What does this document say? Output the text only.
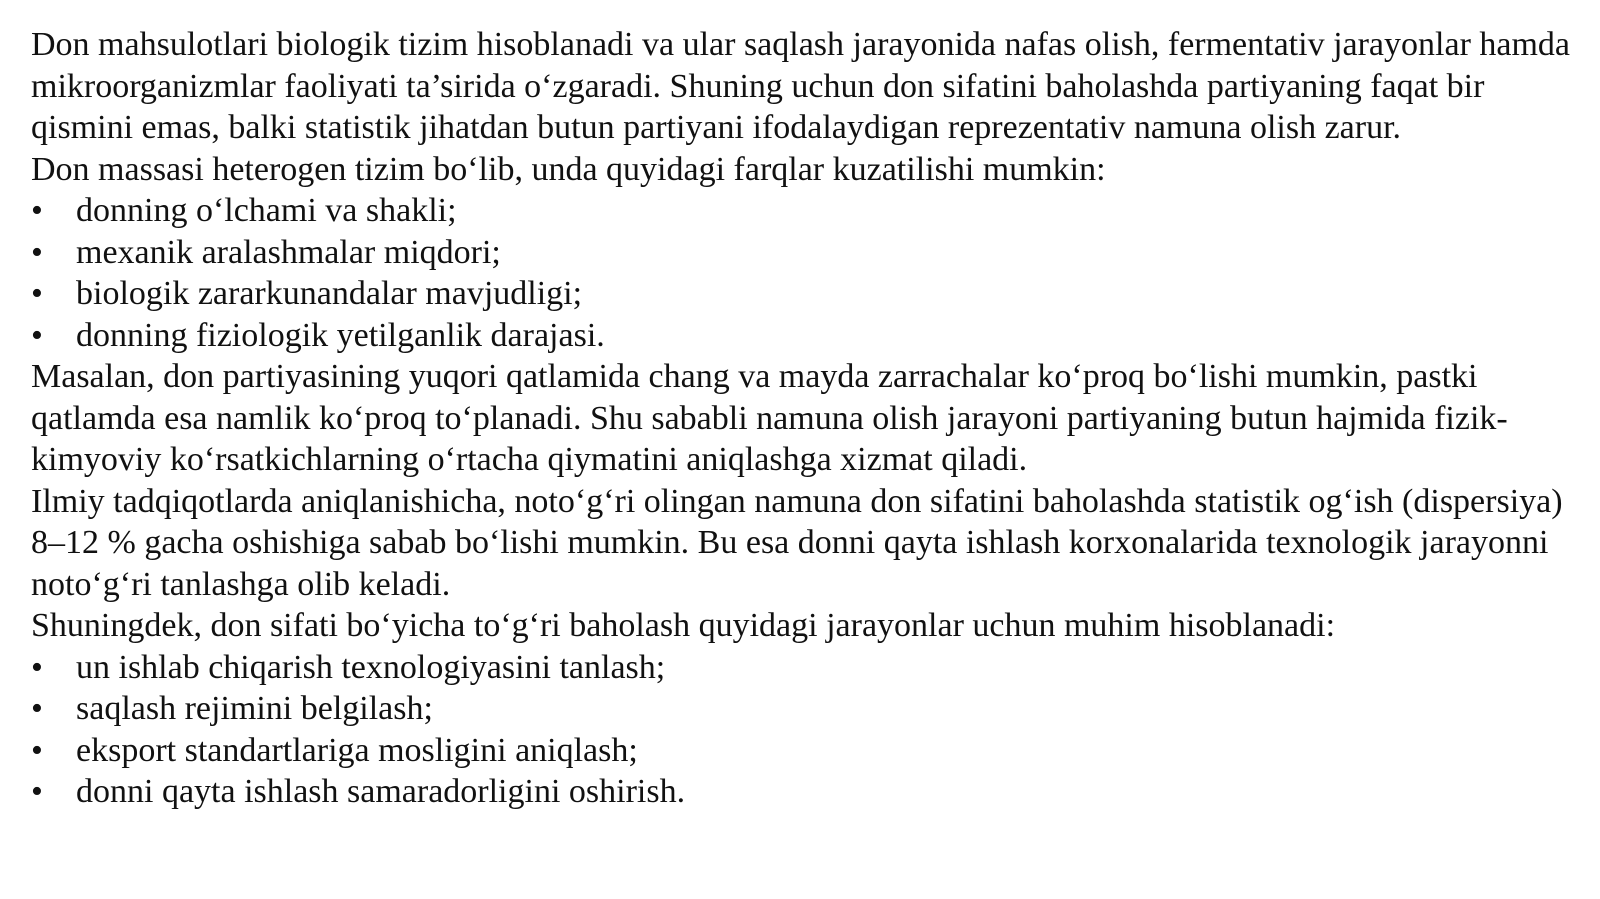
Don mahsulotlari biologik tizim hisoblanadi va ular saqlash jarayonida nafas olish, fermentativ jarayonlar hamda mikroorganizmlar faoliyati ta’sirida o‘zgaradi. Shuning uchun don sifatini baholashda partiyaning faqat bir qismini emas, balki statistik jihatdan butun partiyani ifodalaydigan reprezentativ namuna olish zarur.

Don massasi heterogen tizim bo‘lib, unda quyidagi farqlar kuzatilishi mumkin:

• donning o‘lchami va shakli;
• mexanik aralashmalar miqdori;
• biologik zararkunandalar mavjudligi;
• donning fiziologik yetilganlik darajasi.

Masalan, don partiyasining yuqori qatlamida chang va mayda zarrachalar ko‘proq bo‘lishi mumkin, pastki qatlamda esa namlik ko‘proq to‘planadi. Shu sababli namuna olish jarayoni partiyaning butun hajmida fizik-kimyoviy ko‘rsatkichlarning o‘rtacha qiymatini aniqlashga xizmat qiladi.

Ilmiy tadqiqotlarda aniqlanishicha, noto‘g‘ri olingan namuna don sifatini baholashda statistik og‘ish (dispersiya) 8–12 % gacha oshishiga sabab bo‘lishi mumkin. Bu esa donni qayta ishlash korxonalarida texnologik jarayonni noto‘g‘ri tanlashga olib keladi.

Shuningdek, don sifati bo‘yicha to‘g‘ri baholash quyidagi jarayonlar uchun muhim hisoblanadi:

• un ishlab chiqarish texnologiyasini tanlash;
• saqlash rejimini belgilash;
• eksport standartlariga mosligini aniqlash;
• donni qayta ishlash samaradorligini oshirish.
